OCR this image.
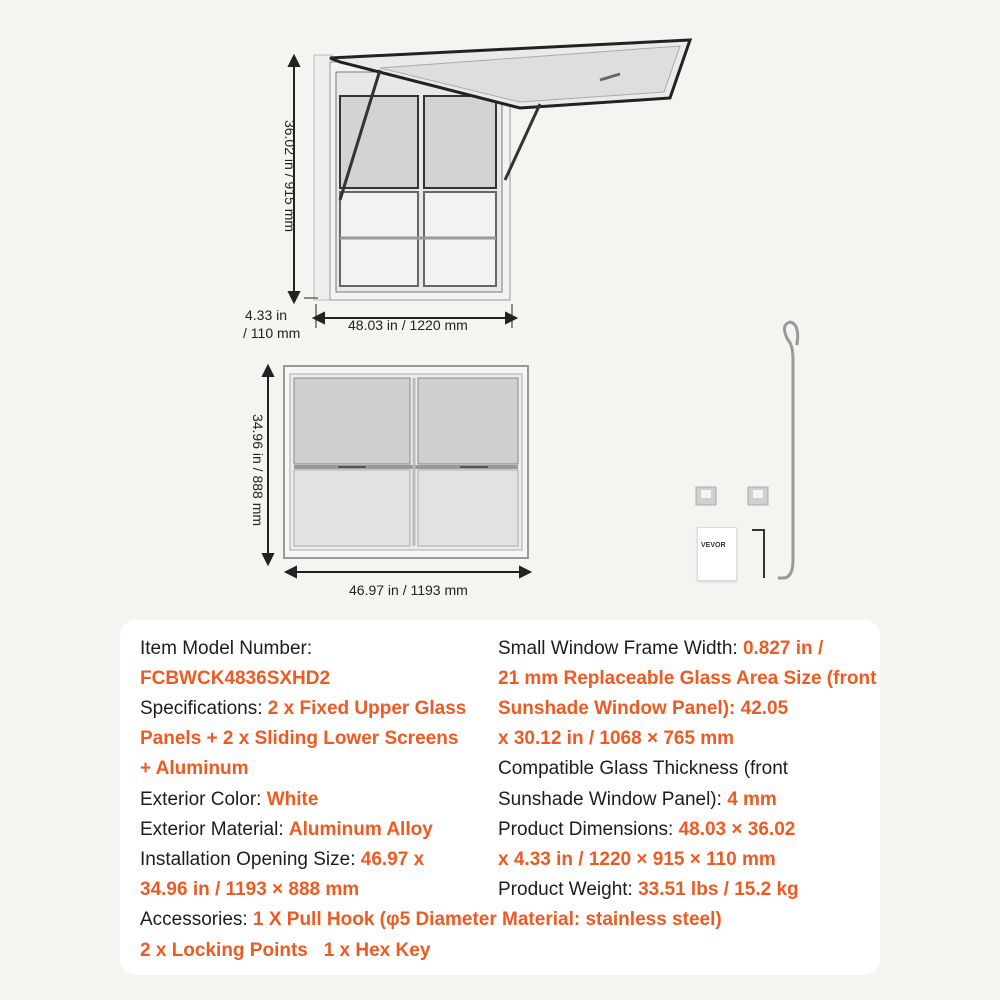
VEVOR
36.02 in / 915 mm
4.33 in
/ 110 mm	48.03 in / 1220 mm
34.96 in / 888 mm
46.97 in / 1193 mm
Item Model Number:
FCBWCK4836SXHD2
Specifications: 2 x Fixed Upper Glass
Panels + 2 x Sliding Lower Screens
+ Aluminum
Exterior Color: White
Exterior Material: Aluminum Alloy
Installation Opening Size: 46.97 x
34.96 in / 1193 × 888 mm
Small Window Frame Width: 0.827 in /
21 mm Replaceable Glass Area Size (front
Sunshade Window Panel): 42.05
x 30.12 in / 1068 × 765 mm
Compatible Glass Thickness (front
Sunshade Window Panel): 4 mm
Product Dimensions: 48.03 × 36.02
x 4.33 in / 1220 × 915 × 110 mm
Product Weight: 33.51 lbs / 15.2 kg
Accessories: 1 X Pull Hook (φ5 Diameter Material: stainless steel)
2 x Locking Points   1 x Hex Key
